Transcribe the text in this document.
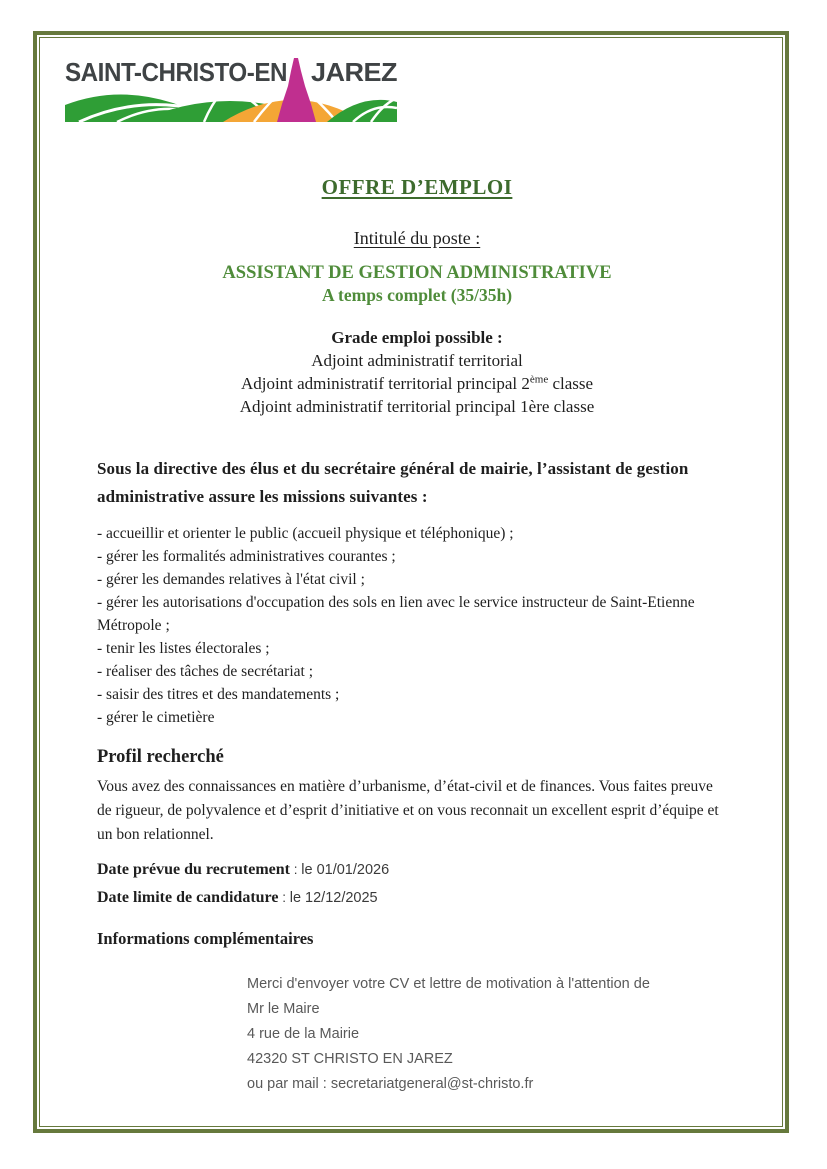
SAINT-CHRISTO-EN JAREZ
OFFRE D’EMPLOI
Intitulé du poste :
ASSISTANT DE GESTION ADMINISTRATIVE
A temps complet (35/35h)
Grade emploi possible :
Adjoint administratif territorial
Adjoint administratif territorial principal 2ème classe
Adjoint administratif territorial principal 1ère classe
Sous la directive des élus et du secrétaire général de mairie, l’assistant de gestion administrative assure les missions suivantes :
- accueillir et orienter le public (accueil physique et téléphonique) ;
- gérer les formalités administratives courantes ;
- gérer les demandes relatives à l'état civil ;
- gérer les autorisations d'occupation des sols en lien avec le service instructeur de Saint-Etienne Métropole ;
- tenir les listes électorales ;
- réaliser des tâches de secrétariat ;
- saisir des titres et des mandatements ;
- gérer le cimetière
Profil recherché
Vous avez des connaissances en matière d’urbanisme, d’état-civil et de finances. Vous faites preuve de rigueur, de polyvalence et d’esprit d’initiative et on vous reconnait un excellent esprit d’équipe et un bon relationnel.
Date prévue du recrutement : le 01/01/2026
Date limite de candidature : le 12/12/2025
Informations complémentaires
Merci d'envoyer votre CV et lettre de motivation à l'attention de
Mr le Maire
4 rue de la Mairie
42320 ST CHRISTO EN JAREZ
ou par mail : secretariatgeneral@st-christo.fr
